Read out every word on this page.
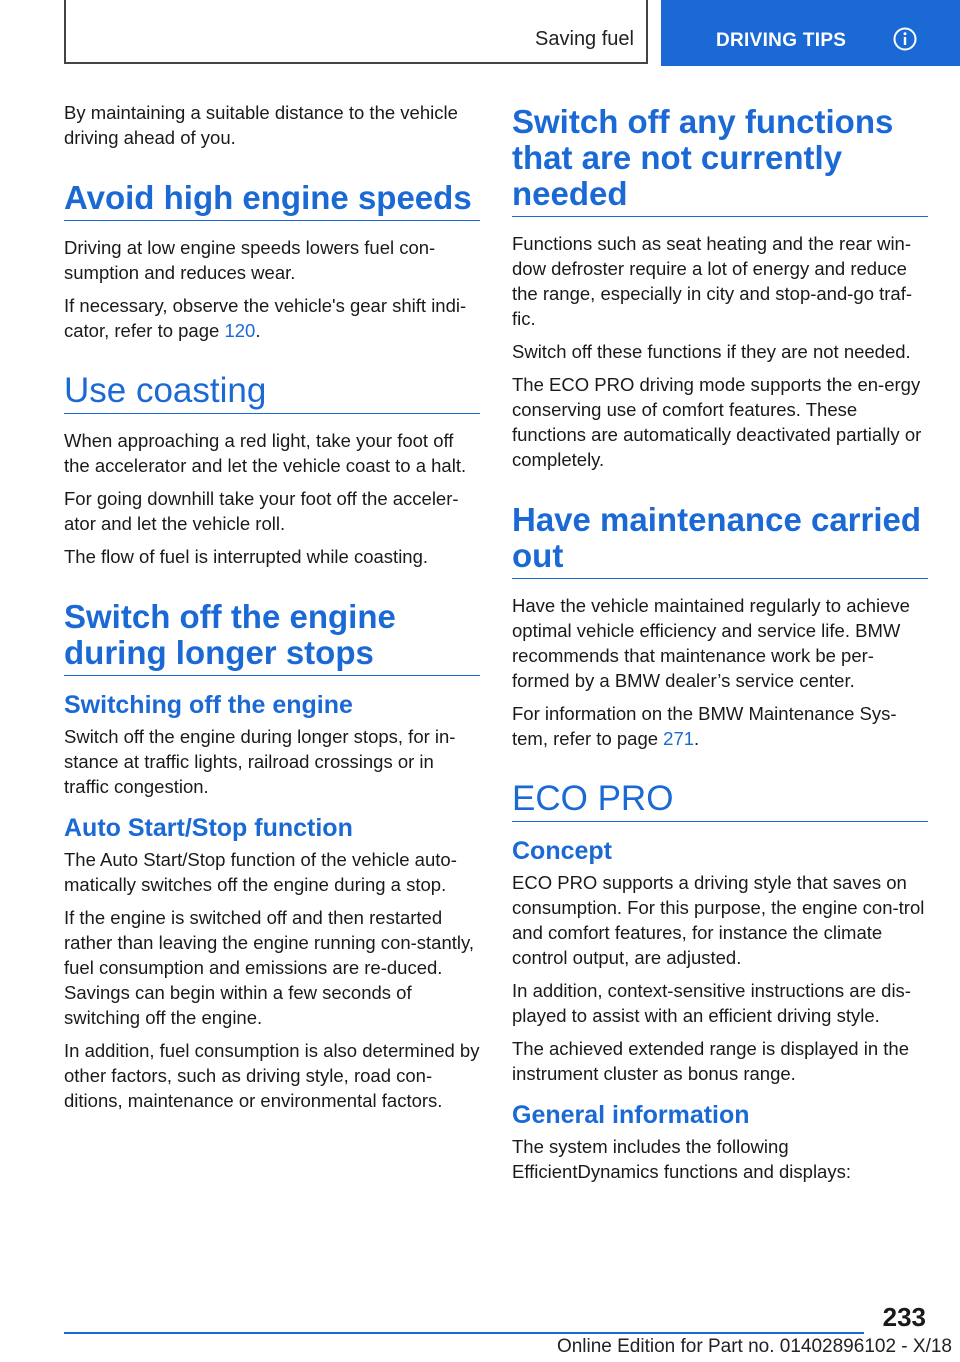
Saving fuel	DRIVING TIPS

By maintaining a suitable distance to the vehicle driving ahead of you.

Avoid high engine speeds

Driving at low engine speeds lowers fuel con-sumption and reduces wear.

If necessary, observe the vehicle's gear shift indi-cator, refer to page 120.

Use coasting

When approaching a red light, take your foot off the accelerator and let the vehicle coast to a halt.

For going downhill take your foot off the acceler-ator and let the vehicle roll.

The flow of fuel is interrupted while coasting.

Switch off the engine during longer stops
Switching off the engine

Switch off the engine during longer stops, for in-stance at traffic lights, railroad crossings or in traffic congestion.

Auto Start/Stop function

The Auto Start/Stop function of the vehicle auto-matically switches off the engine during a stop.

If the engine is switched off and then restarted rather than leaving the engine running con-stantly, fuel consumption and emissions are re-duced. Savings can begin within a few seconds of switching off the engine.

In addition, fuel consumption is also determined by other factors, such as driving style, road con-ditions, maintenance or environmental factors.

Switch off any functions that are not currently needed

Functions such as seat heating and the rear win-dow defroster require a lot of energy and reduce the range, especially in city and stop-and-go traf-fic.

Switch off these functions if they are not needed.

The ECO PRO driving mode supports the en-ergy conserving use of comfort features. These functions are automatically deactivated partially or completely.

Have maintenance carried out

Have the vehicle maintained regularly to achieve optimal vehicle efficiency and service life. BMW recommends that maintenance work be per-formed by a BMW dealer’s service center.

For information on the BMW Maintenance Sys-tem, refer to page 271.

ECO PRO
Concept

ECO PRO supports a driving style that saves on consumption. For this purpose, the engine con-trol and comfort features, for instance the climate control output, are adjusted.

In addition, context-sensitive instructions are dis-played to assist with an efficient driving style.

The achieved extended range is displayed in the instrument cluster as bonus range.

General information

The system includes the following EfficientDynamics functions and displays:

233
Online Edition for Part no. 01402896102 - X/18
